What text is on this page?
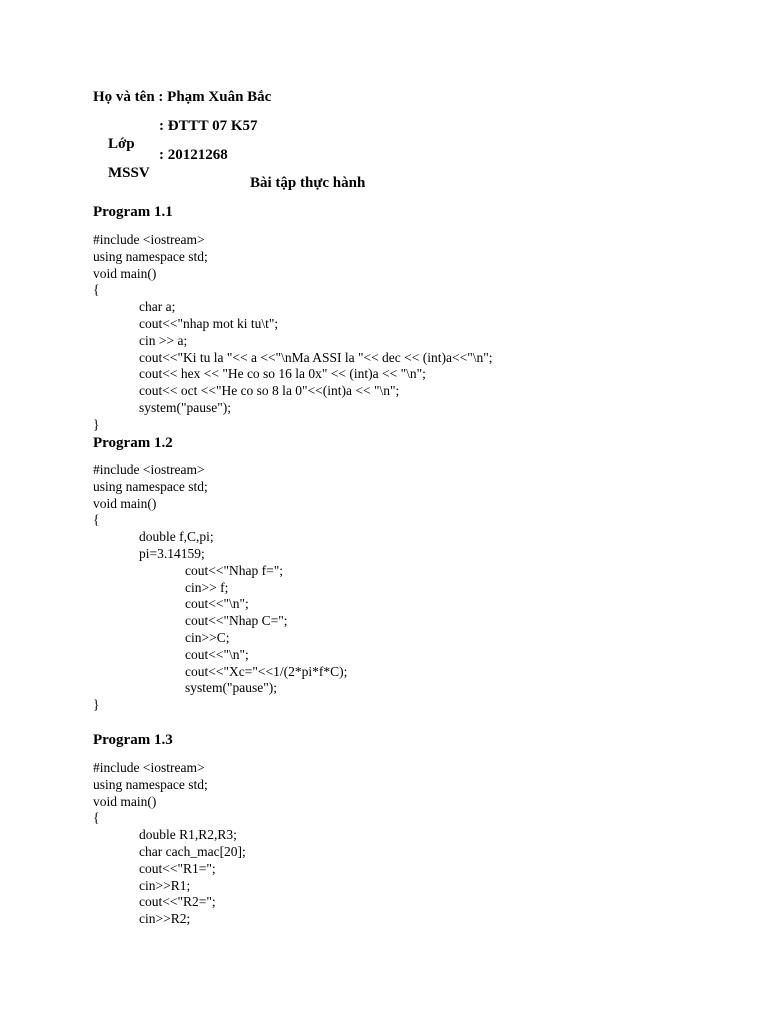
Họ và tên : Phạm Xuân Bắc

Lớp

: ĐTTT 07 K57

MSSV

: 20121268

Bài tập thực hành
Program 1.1
#include <iostream>
using namespace std;
void main()
{
char a;
cout<<"nhap mot ki tu\t";
cin >> a;
cout<<"Ki tu la "<< a <<"\nMa ASSI la "<< dec << (int)a<<"\n";
cout<< hex << "He co so 16 la 0x" << (int)a << "\n";
cout<< oct <<"He co so 8 la 0"<<(int)a << "\n";
system("pause");
}
Program 1.2
#include <iostream>
using namespace std;
void main()
{
double f,C,pi;
pi=3.14159;
cout<<"Nhap f=";
cin>> f;
cout<<"\n";
cout<<"Nhap C=";
cin>>C;
cout<<"\n";
cout<<"Xc="<<1/(2*pi*f*C);
system("pause");
}
Program 1.3
#include <iostream>
using namespace std;
void main()
{
double R1,R2,R3;
char cach_mac[20];
cout<<"R1=";
cin>>R1;
cout<<"R2=";
cin>>R2;
